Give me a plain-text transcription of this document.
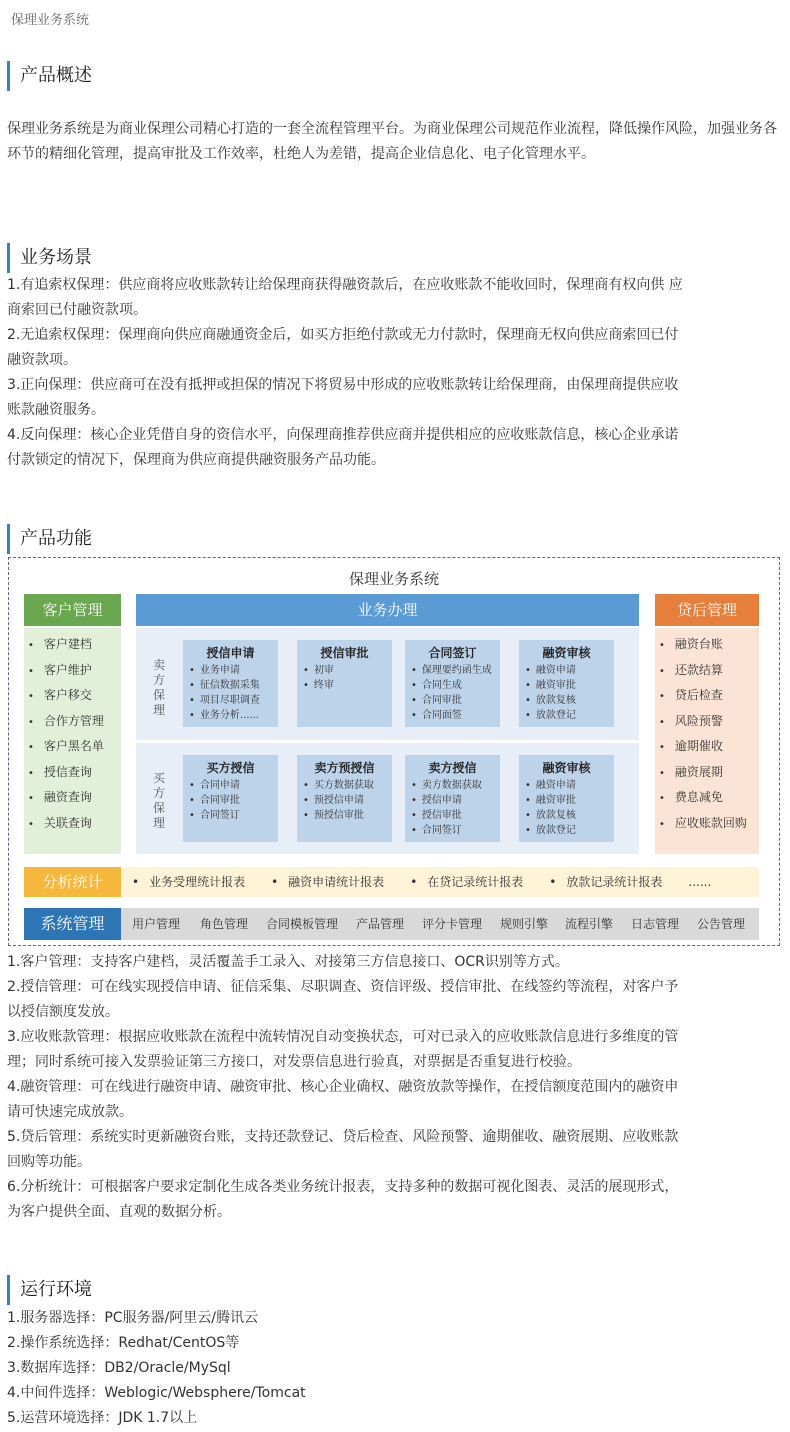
保理业务系统
产品概述

保理业务系统是为商业保理公司精心打造的一套全流程管理平台。为商业保理公司规范作业流程，降低操作风险，加强业务各环节的精细化管理，提高审批及工作效率，杜绝人为差错，提高企业信息化、电子化管理水平。

业务场景
1.有追索权保理：供应商将应收账款转让给保理商获得融资款后，在应收账款不能收回时，保理商有权向供 应
商索回已付融资款项。
2.无追索权保理：保理商向供应商融通资金后，如买方拒绝付款或无力付款时，保理商无权向供应商索回已付
融资款项。
3.正向保理：供应商可在没有抵押或担保的情况下将贸易中形成的应收账款转让给保理商，由保理商提供应收
账款融资服务。
4.反向保理：核心企业凭借自身的资信水平，向保理商推荐供应商并提供相应的应收账款信息，核心企业承诺
付款锁定的情况下，保理商为供应商提供融资服务产品功能。
产品功能
保理业务系统
客户管理
• 客户建档
• 客户维护
• 客户移交
• 合作方管理
• 客户黑名单
• 授信查询
• 融资查询
• 关联查询
业务办理
卖方保理
授信申请
• 业务申请
• 征信数据采集
• 项目尽职调查
• 业务分析......
授信审批
• 初审
• 终审
合同签订
• 保理要约函生成
• 合同生成
• 合同审批
• 合同面签
融资审核
• 融资申请
• 融资审批
• 放款复核
• 放款登记
买方保理
买方授信
• 合同申请
• 合同审批
• 合同签订
卖方预授信
• 买方数据获取
• 预授信申请
• 预授信审批
卖方授信
• 卖方数据获取
• 授信申请
• 授信审批
• 合同签订
融资审核
• 融资申请
• 融资审批
• 放款复核
• 放款登记
贷后管理
• 融资台账
• 还款结算
• 贷后检查
• 风险预警
• 逾期催收
• 融资展期
• 费息减免
• 应收账款回购
分析统计	• 业务受理统计报表	• 融资申请统计报表	• 在贷记录统计报表	• 放款记录统计报表 ......
系统管理	用户管理 角色管理 合同模板管理 产品管理 评分卡管理 规则引擎 流程引擎 日志管理 公告管理
1.客户管理：支持客户建档，灵活覆盖手工录入、对接第三方信息接口、OCR识别等方式。
2.授信管理：可在线实现授信申请、征信采集、尽职调查、资信评级、授信审批、在线签约等流程，对客户予
以授信额度发放。
3.应收账款管理：根据应收账款在流程中流转情况自动变换状态，可对已录入的应收账款信息进行多维度的管
理；同时系统可接入发票验证第三方接口，对发票信息进行验真，对票据是否重复进行校验。
4.融资管理：可在线进行融资申请、融资审批、核心企业确权、融资放款等操作，在授信额度范围内的融资申
请可快速完成放款。
5.贷后管理：系统实时更新融资台账，支持还款登记、贷后检查、风险预警、逾期催收、融资展期、应收账款
回购等功能。
6.分析统计：可根据客户要求定制化生成各类业务统计报表，支持多种的数据可视化图表、灵活的展现形式，
为客户提供全面、直观的数据分析。
运行环境
1.服务器选择：PC服务器/阿里云/腾讯云
2.操作系统选择：Redhat/CentOS等
3.数据库选择：DB2/Oracle/MySql
4.中间件选择：Weblogic/Websphere/Tomcat
5.运营环境选择：JDK 1.7以上
